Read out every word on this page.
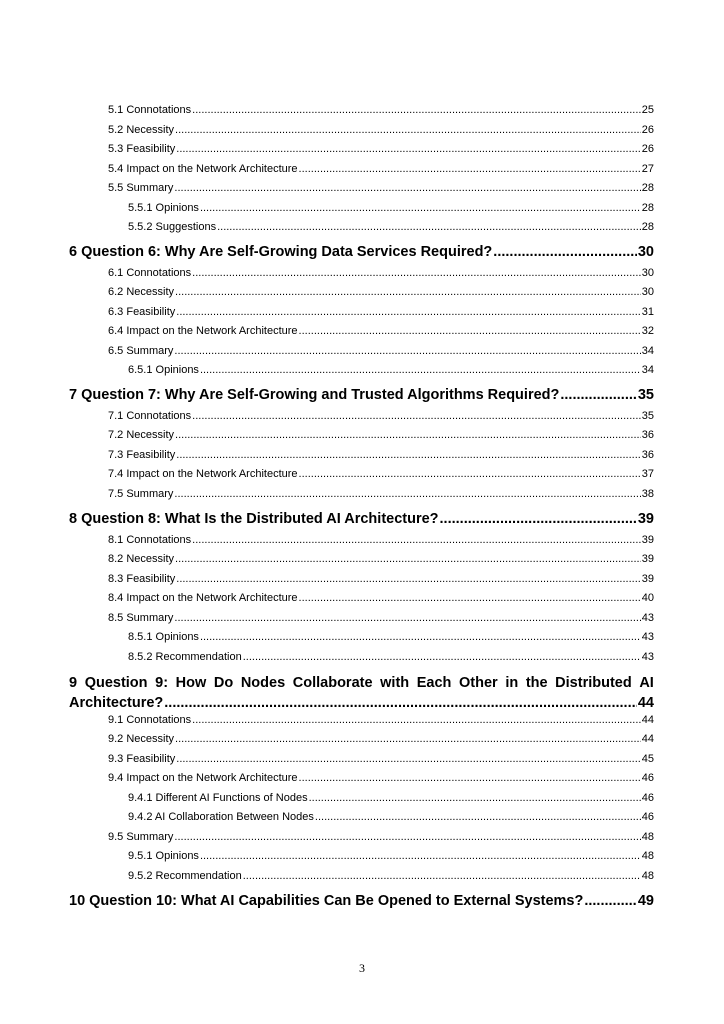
5.1 Connotations .....	25
5.2 Necessity .....	26
5.3 Feasibility .....	26
5.4 Impact on the Network Architecture .....	27
5.5 Summary .....	28
5.5.1 Opinions .....	28
5.5.2 Suggestions .....	28
6 Question 6: Why Are Self-Growing Data Services Required? .....	30
6.1 Connotations .....	30
6.2 Necessity .....	30
6.3 Feasibility .....	31
6.4 Impact on the Network Architecture .....	32
6.5 Summary .....	34
6.5.1 Opinions .....	34
7 Question 7: Why Are Self-Growing and Trusted Algorithms Required? .....	35
7.1 Connotations .....	35
7.2 Necessity .....	36
7.3 Feasibility .....	36
7.4 Impact on the Network Architecture .....	37
7.5 Summary .....	38
8 Question 8: What Is the Distributed AI Architecture? .....	39
8.1 Connotations .....	39
8.2 Necessity .....	39
8.3 Feasibility .....	39
8.4 Impact on the Network Architecture .....	40
8.5 Summary .....	43
8.5.1 Opinions .....	43
8.5.2 Recommendation .....	43
9 Question 9: How Do Nodes Collaborate with Each Other in the Distributed AI
Architecture? .....	44
9.1 Connotations .....	44
9.2 Necessity .....	44
9.3 Feasibility .....	45
9.4 Impact on the Network Architecture .....	46
9.4.1 Different AI Functions of Nodes .....	46
9.4.2 AI Collaboration Between Nodes .....	46
9.5 Summary .....	48
9.5.1 Opinions .....	48
9.5.2 Recommendation .....	48
10 Question 10: What AI Capabilities Can Be Opened to External Systems? .....	49
3
